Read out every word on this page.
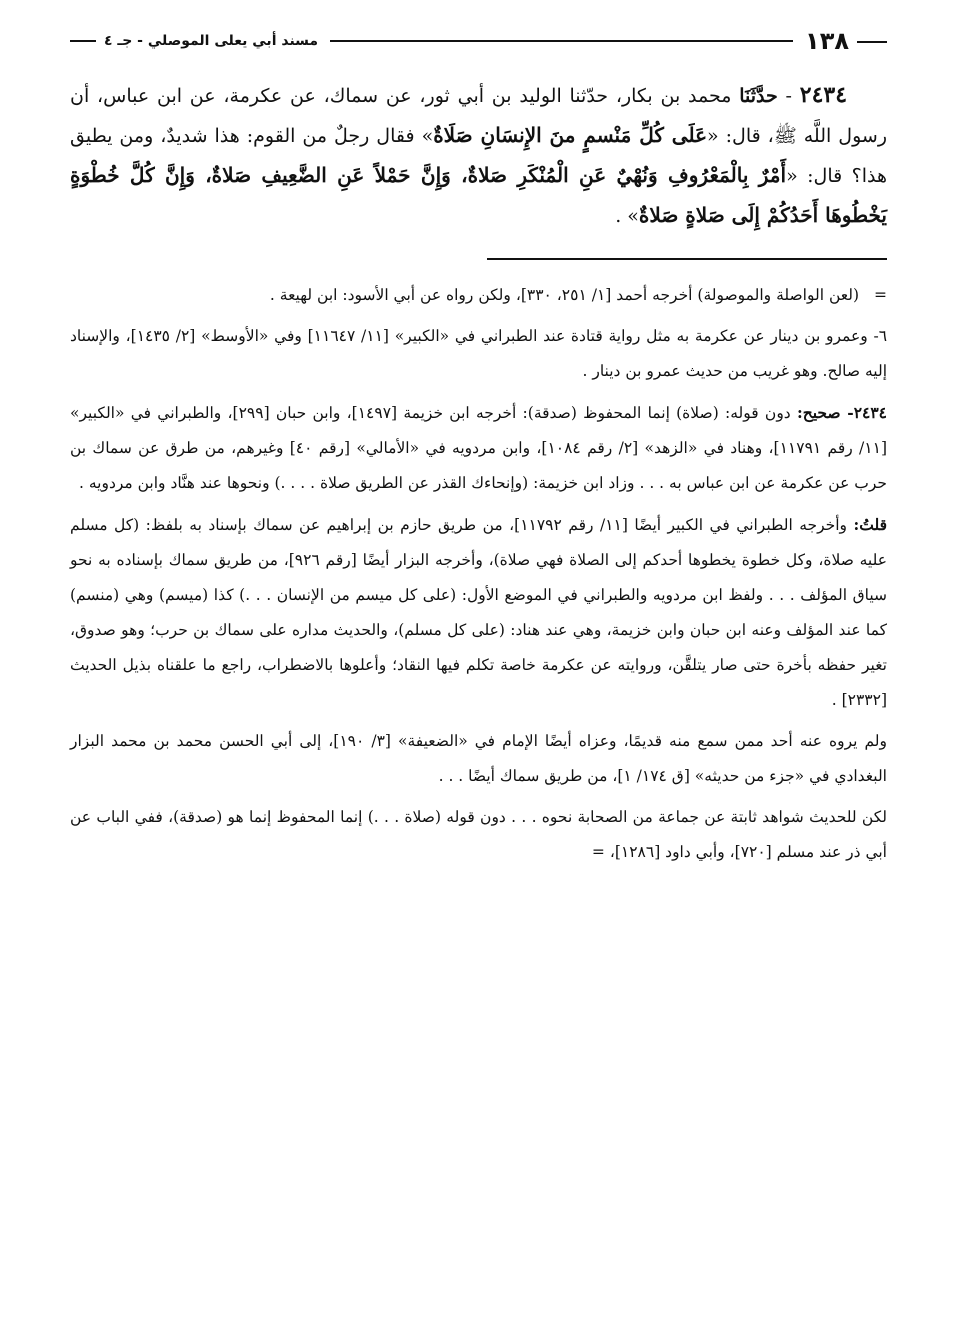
١٣٨
مسند أبي يعلى الموصلي - جـ ٤

٢٤٣٤ - حدَّثَنَا محمد بن بكار، حدّثنا الوليد بن أبي ثور، عن سماك، عن عكرمة، عن ابن عباس، أن رسول اللَّه ﷺ، قال: «عَلَى كُلِّ مَنْسمٍ منَ الإِنسَانِ صَلَاةٌ» فقال رجلٌ من القوم: هذا شديدٌ، ومن يطيق هذا؟ قال: «أَمْرٌ بِالْمَعْرُوفِ وَنُهْيٌ عَنِ الْمُنْكَرِ صَلاةٌ، وَإِنَّ حَمْلاً عَنِ الضَّعِيفِ صَلاةٌ، وَإِنَّ كُلَّ خُطْوَةٍ يَخْطُوهَا أَحَدُكُمْ إِلَى صَلاةٍ صَلاةٌ» .

=(لعن الواصلة والموصولة) أخرجه أحمد [١/ ٢٥١، ٣٣٠]، ولكن رواه عن أبي الأسود: ابن لهيعة .

٦- وعمرو بن دينار عن عكرمة به مثل رواية قتادة عند الطبراني في «الكبير» [١١/ ١١٦٤٧] وفي «الأوسط» [٢/ ١٤٣٥]، والإسناد إليه صالح. وهو غريب من حديث عمرو بن دينار .

٢٤٣٤- صحيح: دون قوله: (صلاة) إنما المحفوظ (صدقة): أخرجه ابن خزيمة [١٤٩٧]، وابن حبان [٢٩٩]، والطبراني في «الكبير» [١١/ رقم ١١٧٩١]، وهناد في «الزهد» [٢/ رقم ١٠٨٤]، وابن مردويه في «الأمالي» [رقم ٤٠] وغيرهم، من طرق عن سماك بن حرب عن عكرمة عن ابن عباس به . . . وزاد ابن خزيمة: (وإنحاءك القذر عن الطريق صلاة . . . .) ونحوها عند هنَّاد وابن مردويه .

قلتُ: وأخرجه الطبراني في الكبير أيضًا [١١/ رقم ١١٧٩٢]، من طريق حازم بن إبراهيم عن سماك بإسناد به بلفظ: (كل مسلم عليه صلاة، وكل خطوة يخطوها أحدكم إلى الصلاة فهي صلاة)، وأخرجه البزار أيضًا [رقم ٩٢٦]، من طريق سماك بإسناده به نحو سياق المؤلف . . . ولفظ ابن مردويه والطبراني في الموضع الأول: (على كل ميسم من الإنسان . . .) كذا (ميسم) وهي (منسم) كما عند المؤلف وعنه ابن حبان وابن خزيمة، وهي عند هناد: (على كل مسلم)، والحديث مداره على سماك بن حرب؛ وهو صدوق، تغير حفظه بأخرة حتى صار يتلقَّن، وروايته عن عكرمة خاصة تكلم فيها النقاد؛ وأعلوها بالاضطراب، راجع ما علقناه بذيل الحديث [٢٣٣٢] .

ولم يروه عنه أحد ممن سمع منه قديمًا، وعزاه أيضًا الإمام في «الضعيفة» [٣/ ١٩٠]، إلى أبي الحسن محمد بن محمد البزار البغدادي في «جزء من حديثه» [ق ١٧٤/ ١]، من طريق سماك أيضًا . . .

لكن للحديث شواهد ثابتة عن جماعة من الصحابة نحوه . . . دون قوله (صلاة . . .) إنما المحفوظ إنما هو (صدقة)، ففي الباب عن أبي ذر عند مسلم [٧٢٠]، وأبي داود [١٢٨٦]، =
